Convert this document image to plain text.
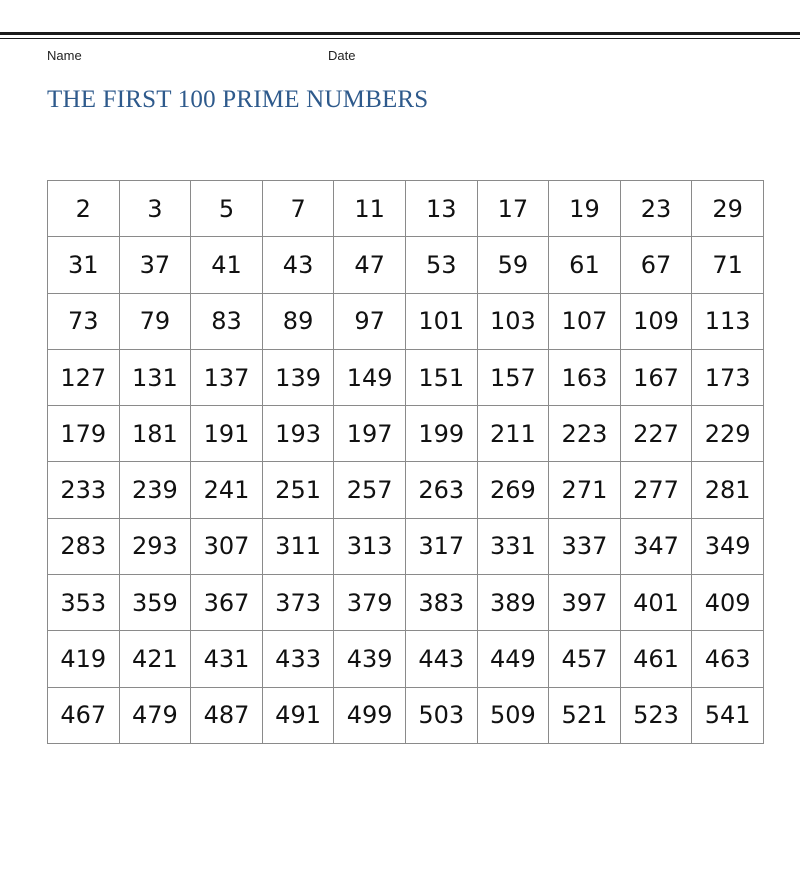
Name	Date
THE FIRST 100 PRIME NUMBERS
2	3	5	7	11	13	17	19	23	29
31	37	41	43	47	53	59	61	67	71
73	79	83	89	97	101	103	107	109	113
127	131	137	139	149	151	157	163	167	173
179	181	191	193	197	199	211	223	227	229
233	239	241	251	257	263	269	271	277	281
283	293	307	311	313	317	331	337	347	349
353	359	367	373	379	383	389	397	401	409
419	421	431	433	439	443	449	457	461	463
467	479	487	491	499	503	509	521	523	541
